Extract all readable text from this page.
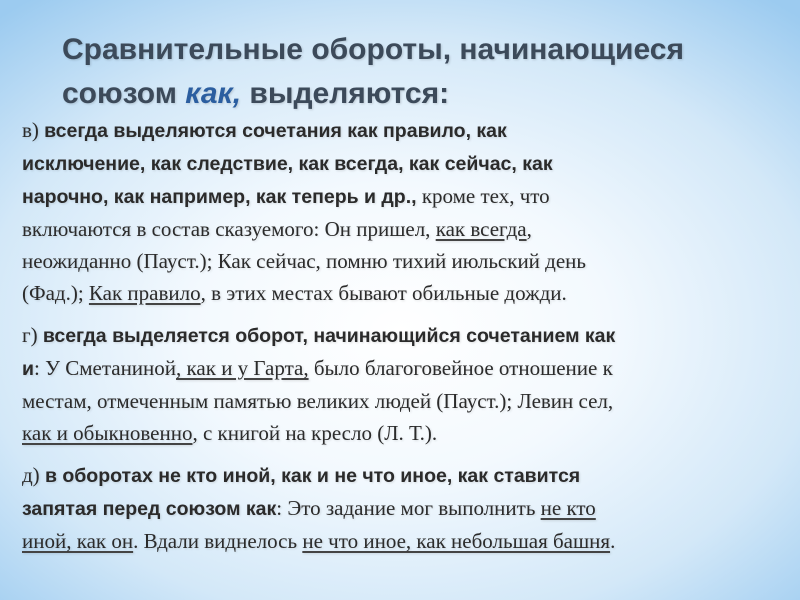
Сравнительные обороты, начинающиеся
союзом как, выделяются:
в) всегда выделяются сочетания как правило, как
исключение, как следствие, как всегда, как сейчас, как
нарочно, как например, как теперь и др., кроме тех, что
включаются в состав сказуемого: Он пришел, как всегда,
неожиданно (Пауст.); Как сейчас, помню тихий июльский день
(Фад.); Как правило, в этих местах бывают обильные дожди.
г) всегда выделяется оборот, начинающийся сочетанием как
и: У Сметаниной, как и у Гарта, было благоговейное отношение к
местам, отмеченным памятью великих людей (Пауст.); Левин сел,
как и обыкновенно, с книгой на кресло (Л. Т.).
д) в оборотах не кто иной, как и не что иное, как ставится
запятая перед союзом как: Это задание мог выполнить не кто
иной, как он. Вдали виднелось не что иное, как небольшая башня.
